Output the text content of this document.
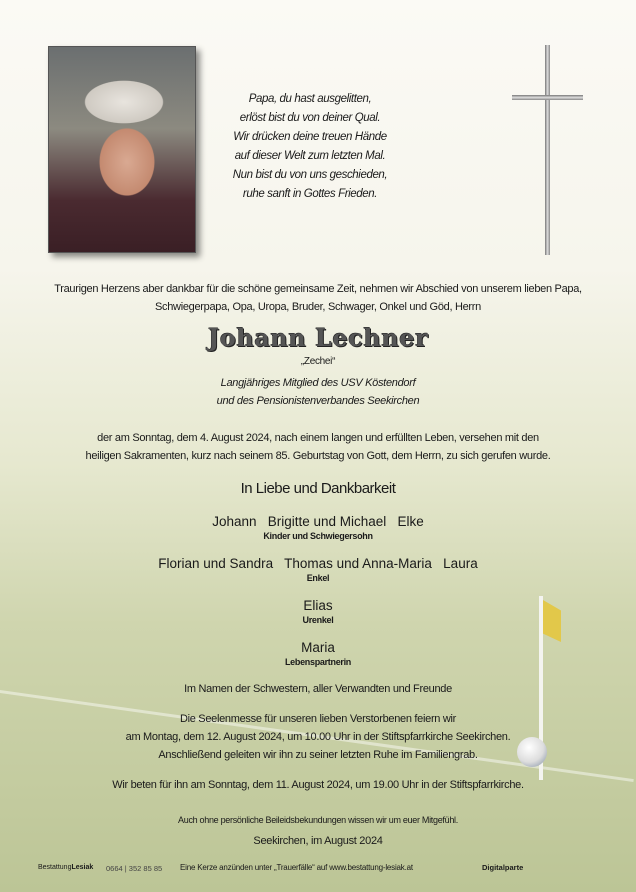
Papa, du hast ausgelitten,
erlöst bist du von deiner Qual.
Wir drücken deine treuen Hände
auf dieser Welt zum letzten Mal.
Nun bist du von uns geschieden,
ruhe sanft in Gottes Frieden.
Traurigen Herzens aber dankbar für die schöne gemeinsame Zeit, nehmen wir Abschied von unserem lieben Papa,
Schwiegerpapa, Opa, Uropa, Bruder, Schwager, Onkel und Göd, Herrn
Johann Lechner
„Zechei“
Langjähriges Mitglied des USV Köstendorf
und des Pensionistenverbandes Seekirchen
der am Sonntag, dem 4. August 2024, nach einem langen und erfüllten Leben, versehen mit den
heiligen Sakramenten, kurz nach seinem 85. Geburtstag von Gott, dem Herrn, zu sich gerufen wurde.
In Liebe und Dankbarkeit
Johann   Brigitte und Michael   Elke
Kinder und Schwiegersohn
Florian und Sandra   Thomas und Anna-Maria   Laura
Enkel
Elias
Urenkel
Maria
Lebenspartnerin
Im Namen der Schwestern, aller Verwandten und Freunde
Die Seelenmesse für unseren lieben Verstorbenen feiern wir
am Montag, dem 12. August 2024, um 10.00 Uhr in der Stiftspfarrkirche Seekirchen.
Anschließend geleiten wir ihn zu seiner letzten Ruhe im Familiengrab.
Wir beten für ihn am Sonntag, dem 11. August 2024, um 19.00 Uhr in der Stiftspfarrkirche.
Auch ohne persönliche Beileidsbekundungen wissen wir um euer Mitgefühl.
Seekirchen, im August 2024
BestattungLesiak 0664 | 352 85 85 Eine Kerze anzünden unter „Trauerfälle“ auf www.bestattung-lesiak.at	Digitalparte
